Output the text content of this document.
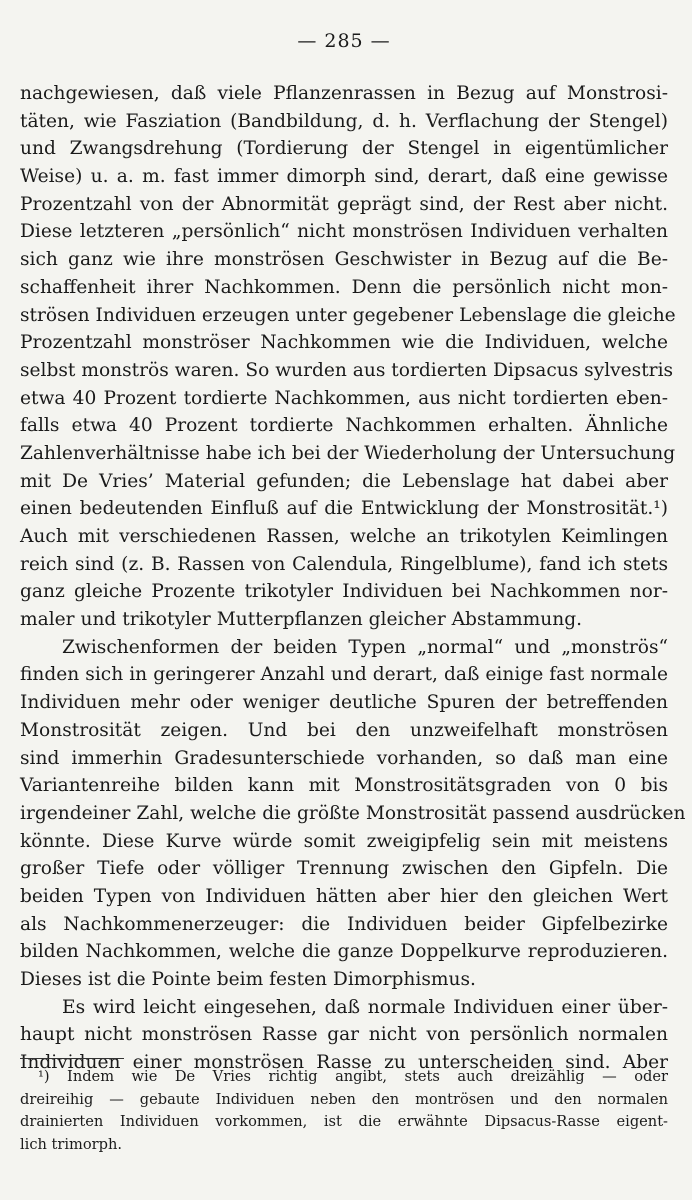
— 285 —
nachgewiesen, daß viele Pflanzenrassen in Bezug auf Monstrosi-
täten, wie Fasziation (Bandbildung, d. h. Verflachung der Stengel)
und Zwangsdrehung (Tordierung der Stengel in eigentümlicher
Weise) u. a. m. fast immer dimorph sind, derart, daß eine gewisse
Prozentzahl von der Abnormität geprägt sind, der Rest aber nicht.
Diese letzteren „persönlich“ nicht monströsen Individuen verhalten
sich ganz wie ihre monströsen Geschwister in Bezug auf die Be-
schaffenheit ihrer Nachkommen. Denn die persönlich nicht mon-
strösen Individuen erzeugen unter gegebener Lebenslage die gleiche
Prozentzahl monströser Nachkommen wie die Individuen, welche
selbst monströs waren. So wurden aus tordierten Dipsacus sylvestris
etwa 40 Prozent tordierte Nachkommen, aus nicht tordierten eben-
falls etwa 40 Prozent tordierte Nachkommen erhalten. Ähnliche
Zahlenverhältnisse habe ich bei der Wiederholung der Untersuchung
mit De Vries’ Material gefunden; die Lebenslage hat dabei aber
einen bedeutenden Einfluß auf die Entwicklung der Monstrosität.¹)
Auch mit verschiedenen Rassen, welche an trikotylen Keimlingen
reich sind (z. B. Rassen von Calendula, Ringelblume), fand ich stets
ganz gleiche Prozente trikotyler Individuen bei Nachkommen nor-
maler und trikotyler Mutterpflanzen gleicher Abstammung.
Zwischenformen der beiden Typen „normal“ und „monströs“
finden sich in geringerer Anzahl und derart, daß einige fast normale
Individuen mehr oder weniger deutliche Spuren der betreffenden
Monstrosität zeigen. Und bei den unzweifelhaft monströsen
sind immerhin Gradesunterschiede vorhanden, so daß man eine
Variantenreihe bilden kann mit Monstrositätsgraden von 0 bis
irgendeiner Zahl, welche die größte Monstrosität passend ausdrücken
könnte. Diese Kurve würde somit zweigipfelig sein mit meistens
großer Tiefe oder völliger Trennung zwischen den Gipfeln. Die
beiden Typen von Individuen hätten aber hier den gleichen Wert
als Nachkommenerzeuger: die Individuen beider Gipfelbezirke
bilden Nachkommen, welche die ganze Doppelkurve reproduzieren.
Dieses ist die Pointe beim festen Dimorphismus.
Es wird leicht eingesehen, daß normale Individuen einer über-
haupt nicht monströsen Rasse gar nicht von persönlich normalen
Individuen einer monströsen Rasse zu unterscheiden sind. Aber
¹) Indem wie De Vries richtig angibt, stets auch dreizählig — oder
dreireihig — gebaute Individuen neben den montrösen und den normalen
drainierten Individuen vorkommen, ist die erwähnte Dipsacus-Rasse eigent-
lich trimorph.
